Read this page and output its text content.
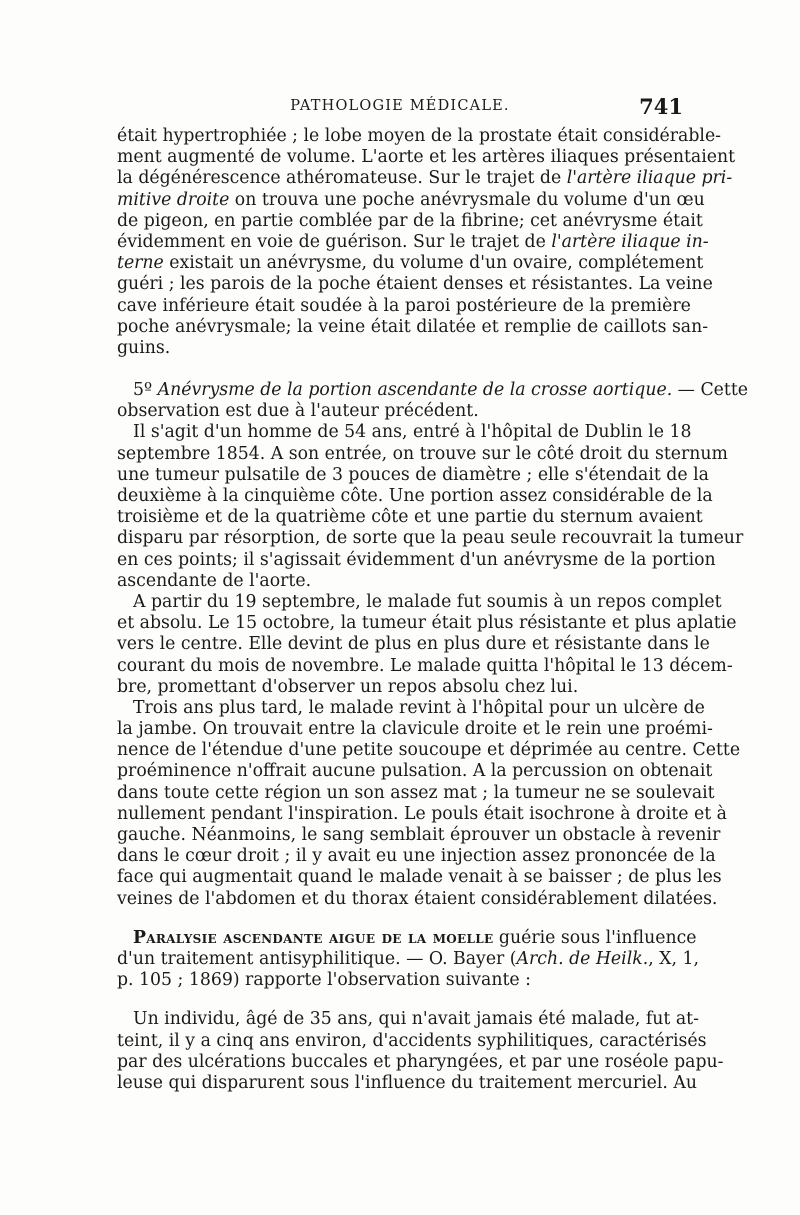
PATHOLOGIE MÉDICALE.	741
était hypertrophiée ; le lobe moyen de la prostate était considérable-
ment augmenté de volume. L'aorte et les artères iliaques présentaient
la dégénérescence athéromateuse. Sur le trajet de l'artère iliaque pri-
mitive droite on trouva une poche anévrysmale du volume d'un œu
de pigeon, en partie comblée par de la fibrine; cet anévrysme était
évidemment en voie de guérison. Sur le trajet de l'artère iliaque in-
terne existait un anévrysme, du volume d'un ovaire, complétement
guéri ; les parois de la poche étaient denses et résistantes. La veine
cave inférieure était soudée à la paroi postérieure de la première
poche anévrysmale; la veine était dilatée et remplie de caillots san-
guins.
5º Anévrysme de la portion ascendante de la crosse aortique. — Cette
observation est due à l'auteur précédent.
Il s'agit d'un homme de 54 ans, entré à l'hôpital de Dublin le 18
septembre 1854. A son entrée, on trouve sur le côté droit du sternum
une tumeur pulsatile de 3 pouces de diamètre ; elle s'étendait de la
deuxième à la cinquième côte. Une portion assez considérable de la
troisième et de la quatrième côte et une partie du sternum avaient
disparu par résorption, de sorte que la peau seule recouvrait la tumeur
en ces points; il s'agissait évidemment d'un anévrysme de la portion
ascendante de l'aorte.
A partir du 19 septembre, le malade fut soumis à un repos complet
et absolu. Le 15 octobre, la tumeur était plus résistante et plus aplatie
vers le centre. Elle devint de plus en plus dure et résistante dans le
courant du mois de novembre. Le malade quitta l'hôpital le 13 décem-
bre, promettant d'observer un repos absolu chez lui.
Trois ans plus tard, le malade revint à l'hôpital pour un ulcère de
la jambe. On trouvait entre la clavicule droite et le rein une proémi-
nence de l'étendue d'une petite soucoupe et déprimée au centre. Cette
proéminence n'offrait aucune pulsation. A la percussion on obtenait
dans toute cette région un son assez mat ; la tumeur ne se soulevait
nullement pendant l'inspiration. Le pouls était isochrone à droite et à
gauche. Néanmoins, le sang semblait éprouver un obstacle à revenir
dans le cœur droit ; il y avait eu une injection assez prononcée de la
face qui augmentait quand le malade venait à se baisser ; de plus les
veines de l'abdomen et du thorax étaient considérablement dilatées.
Paralysie ascendante aigue de la moelle guérie sous l'influence
d'un traitement antisyphilitique. — O. Bayer (Arch. de Heilk., X, 1,
p. 105 ; 1869) rapporte l'observation suivante :
Un individu, âgé de 35 ans, qui n'avait jamais été malade, fut at-
teint, il y a cinq ans environ, d'accidents syphilitiques, caractérisés
par des ulcérations buccales et pharyngées, et par une roséole papu-
leuse qui disparurent sous l'influence du traitement mercuriel. Au
